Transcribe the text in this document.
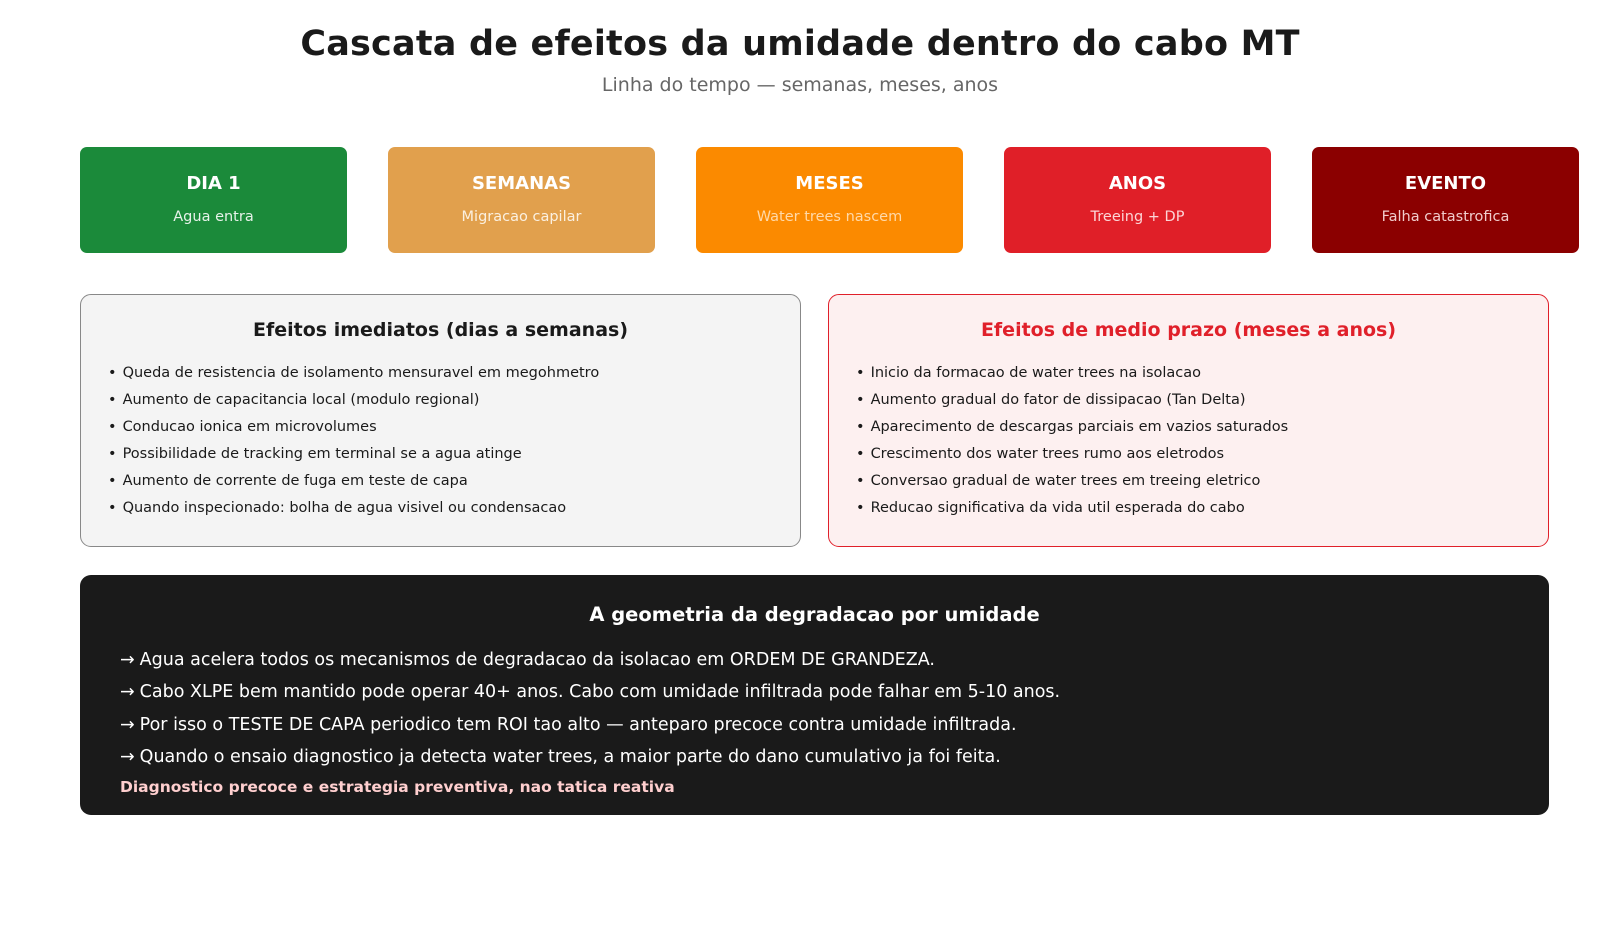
Cascata de efeitos da umidade dentro do cabo MT
Linha do tempo — semanas, meses, anos
DIA 1
Agua entra
SEMANAS
Migracao capilar
MESES
Water trees nascem
ANOS
Treeing + DP
EVENTO
Falha catastrofica
Efeitos imediatos (dias a semanas)
• Queda de resistencia de isolamento mensuravel em megohmetro
• Aumento de capacitancia local (modulo regional)
• Conducao ionica em microvolumes
• Possibilidade de tracking em terminal se a agua atinge
• Aumento de corrente de fuga em teste de capa
• Quando inspecionado: bolha de agua visivel ou condensacao
Efeitos de medio prazo (meses a anos)
• Inicio da formacao de water trees na isolacao
• Aumento gradual do fator de dissipacao (Tan Delta)
• Aparecimento de descargas parciais em vazios saturados
• Crescimento dos water trees rumo aos eletrodos
• Conversao gradual de water trees em treeing eletrico
• Reducao significativa da vida util esperada do cabo
A geometria da degradacao por umidade
→ Agua acelera todos os mecanismos de degradacao da isolacao em ORDEM DE GRANDEZA.
→ Cabo XLPE bem mantido pode operar 40+ anos. Cabo com umidade infiltrada pode falhar em 5-10 anos.
→ Por isso o TESTE DE CAPA periodico tem ROI tao alto — anteparo precoce contra umidade infiltrada.
→ Quando o ensaio diagnostico ja detecta water trees, a maior parte do dano cumulativo ja foi feita.
Diagnostico precoce e estrategia preventiva, nao tatica reativa
